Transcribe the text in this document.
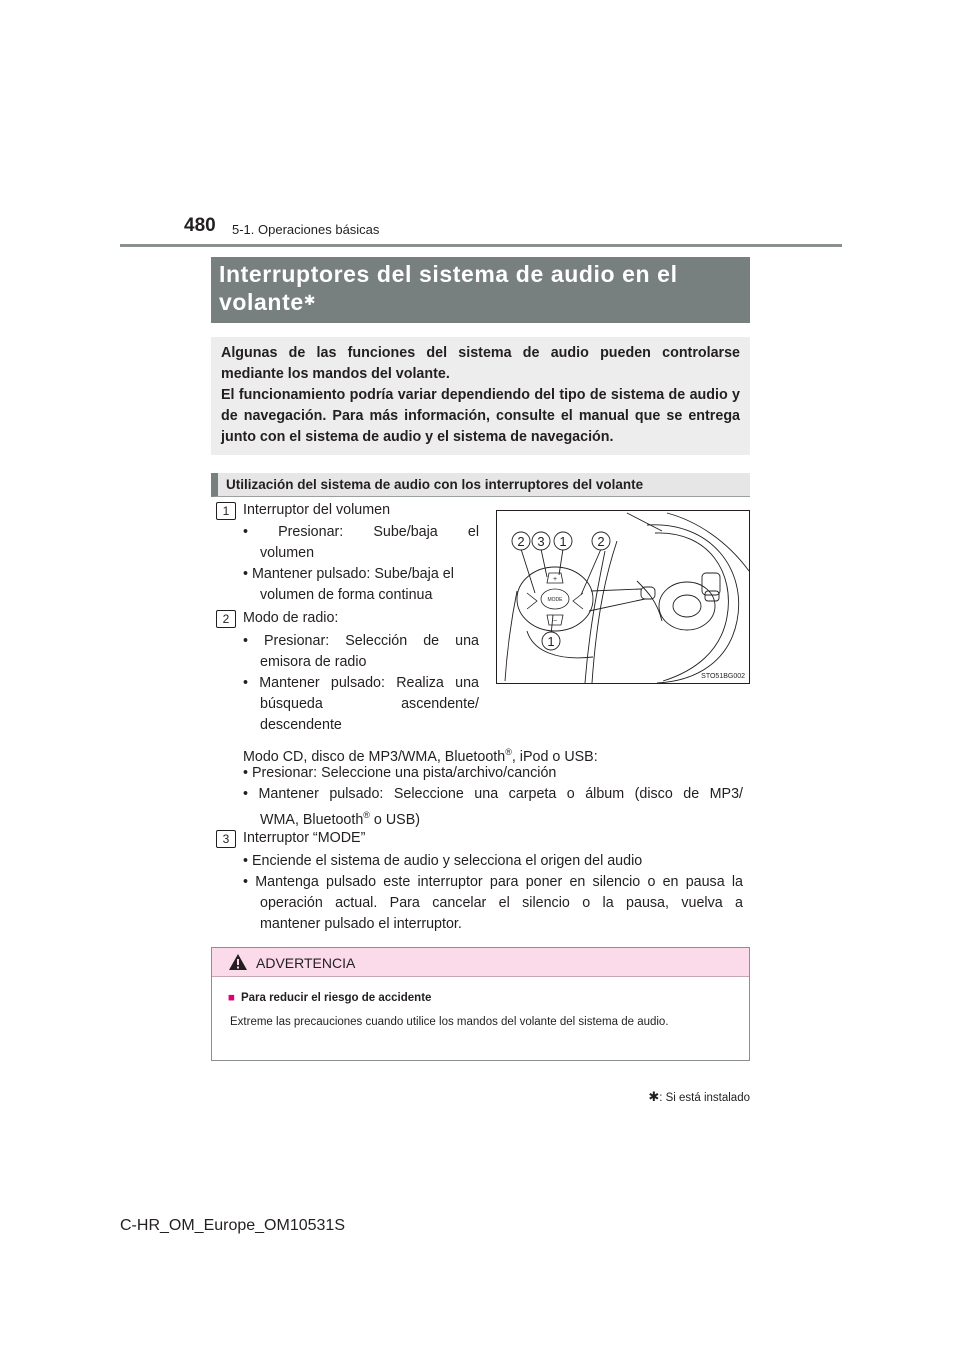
480 5-1. Operaciones básicas
Interruptores del sistema de audio en el
volante✱

Algunas de las funciones del sistema de audio pueden controlarse mediante los mandos del volante.

El funcionamiento podría variar dependiendo del tipo de sistema de audio y de navegación. Para más información, consulte el manual que se entrega junto con el sistema de audio y el sistema de navegación.

Utilización del sistema de audio con los interruptores del volante
1 Interruptor del volumen
• Presionar: Sube/baja el
volumen
• Mantener pulsado: Sube/baja el
volumen de forma continua
2 Modo de radio:
• Presionar: Selección de una
emisora de radio
• Mantener pulsado: Realiza una
búsqueda ascendente/
descendente
Modo CD, disco de MP3/WMA, Bluetooth®, iPod o USB:
• Presionar: Seleccione una pista/archivo/canción
• Mantener pulsado: Seleccione una carpeta o álbum (disco de MP3/
WMA, Bluetooth® o USB)
3 Interruptor “MODE”
• Enciende el sistema de audio y selecciona el origen del audio
• Mantenga pulsado este interruptor para poner en silencio o en pausa la
operación actual. Para cancelar el silencio o la pausa, vuelva a
mantener pulsado el interruptor.
MODE
+
−
2 3 1 2
1
STO51BG002
ADVERTENCIA
■ Para reducir el riesgo de accidente
Extreme las precauciones cuando utilice los mandos del volante del sistema de audio.
✱: Si está instalado
C-HR_OM_Europe_OM10531S
